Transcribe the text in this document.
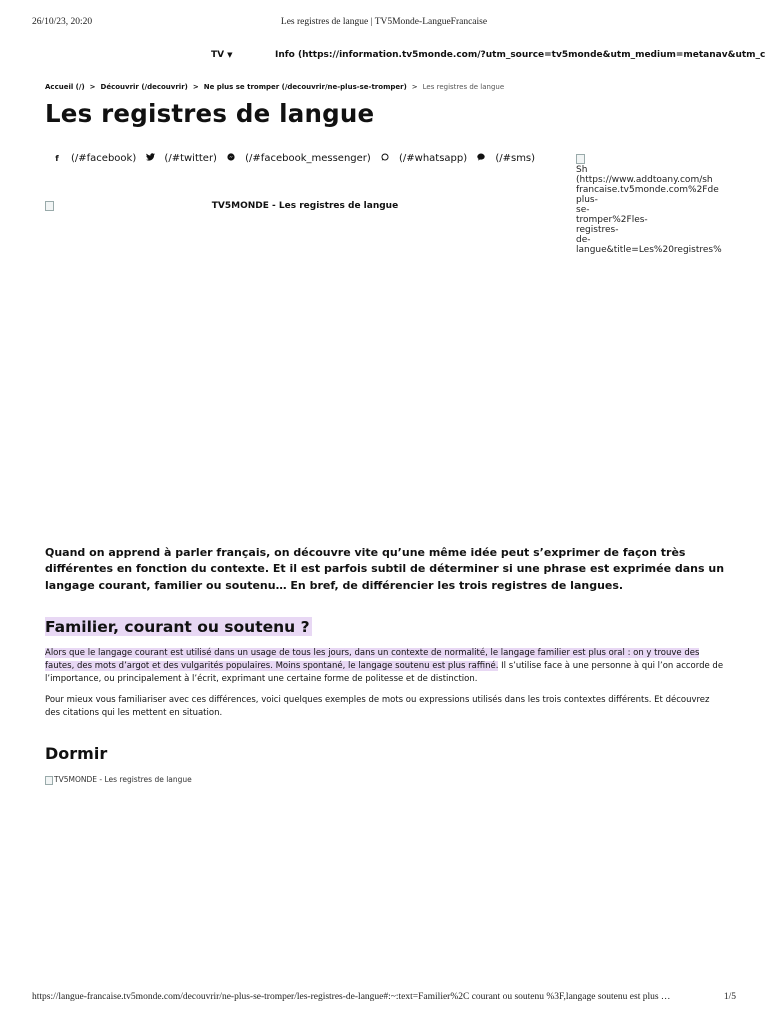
26/10/23, 20:20	Les registres de langue | TV5Monde-LangueFrancaise
TV ▼	Info (https://information.tv5monde.com/?utm_source=tv5monde&utm_medium=metanav&utm_c
Accueil (/) > Découvrir (/decouvrir) > Ne plus se tromper (/decouvrir/ne-plus-se-tromper) > Les registres de langue
Les registres de langue
f (/#facebook)	(/#twitter)	(/#facebook_messenger)	(/#whatsapp)	(/#sms)

Sh
(https://www.addtoany.com/sh
francaise.tv5monde.com%2Fde
plus-
se-
tromper%2Fles-
registres-
de-
langue&title=Les%20registres%
TV5MONDE - Les registres de langue

Quand on apprend à parler français, on découvre vite qu’une même idée peut s’exprimer de façon très différentes en fonction du contexte. Et il est parfois subtil de déterminer si une phrase est exprimée dans un langage courant, familier ou soutenu… En bref, de différencier les trois registres de langues.

Familier, courant ou soutenu ?

Alors que le langage courant est utilisé dans un usage de tous les jours, dans un contexte de normalité, le langage familier est plus oral : on y trouve des fautes, des mots d’argot et des vulgarités populaires. Moins spontané, le langage soutenu est plus raffiné. Il s’utilise face à une personne à qui l’on accorde de l’importance, ou principalement à l’écrit, exprimant une certaine forme de politesse et de distinction.

Pour mieux vous familiariser avec ces différences, voici quelques exemples de mots ou expressions utilisés dans les trois contextes différents. Et découvrez des citations qui les mettent en situation.

Dormir
TV5MONDE - Les registres de langue
https://langue-francaise.tv5monde.com/decouvrir/ne-plus-se-tromper/les-registres-de-langue#:~:text=Familier%2C courant ou soutenu %3F,langage soutenu est plus …	1/5
